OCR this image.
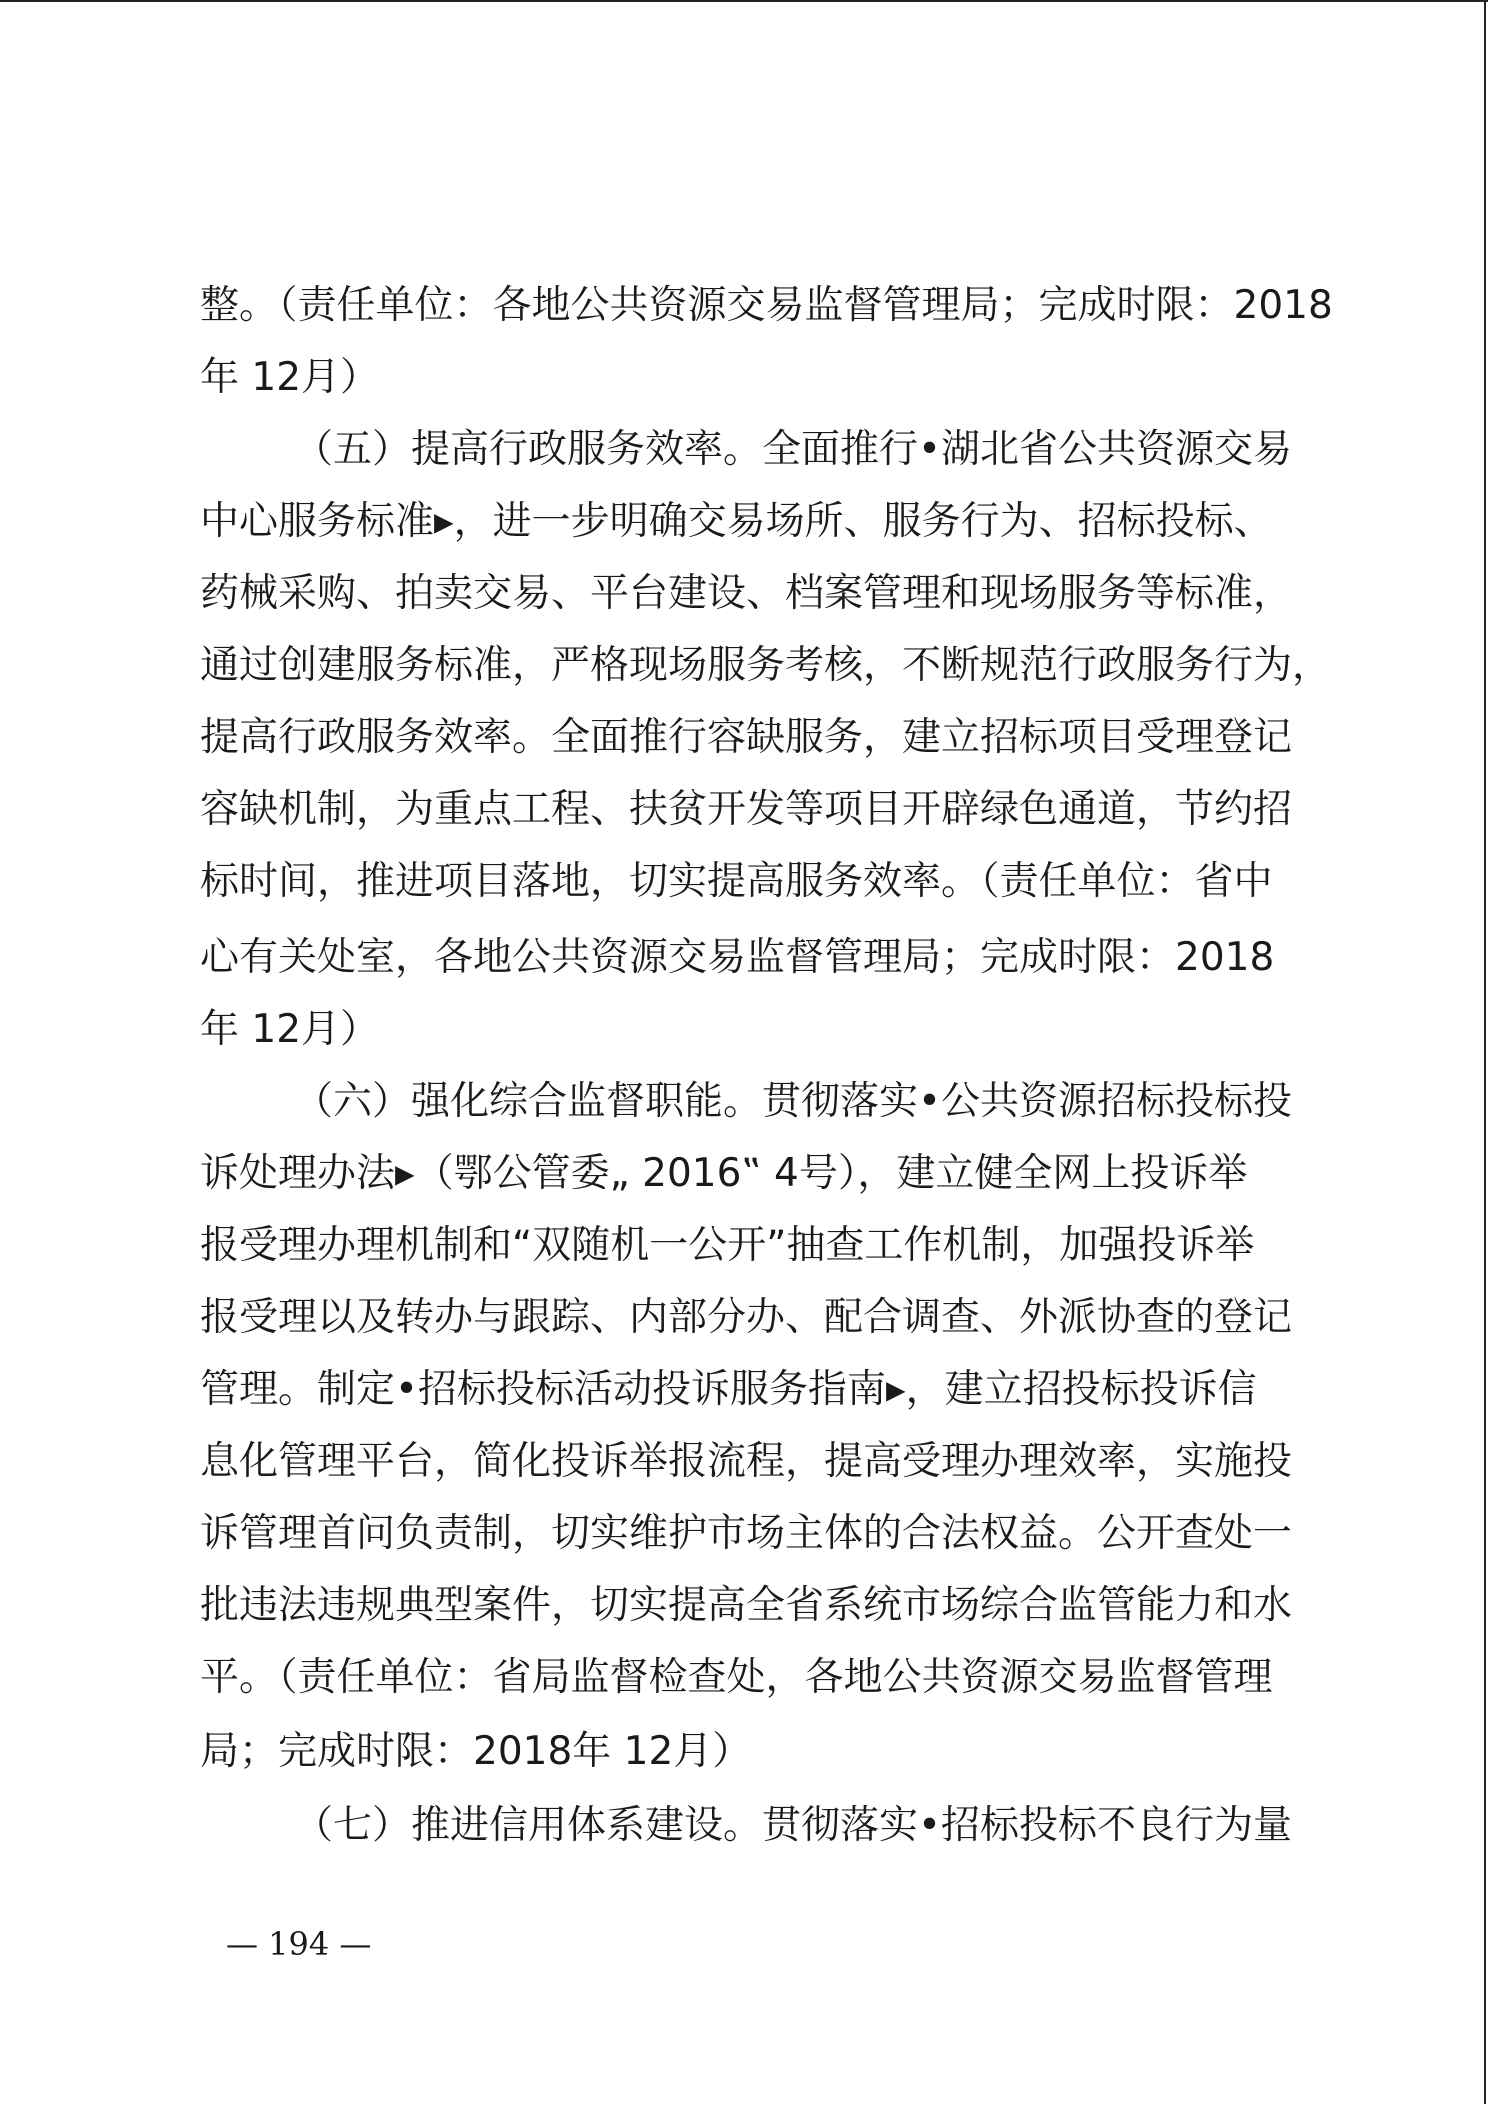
整。（责任单位：各地公共资源交易监督管理局；完成时限：2018
年 12月）
（五）提高行政服务效率。全面推行•湖北省公共资源交易
中心服务标准▸，进一步明确交易场所、服务行为、招标投标、
药械采购、拍卖交易、平台建设、档案管理和现场服务等标准，
通过创建服务标准，严格现场服务考核，不断规范行政服务行为，
提高行政服务效率。全面推行容缺服务，建立招标项目受理登记
容缺机制，为重点工程、扶贫开发等项目开辟绿色通道，节约招
标时间，推进项目落地，切实提高服务效率。（责任单位：省中
心有关处室，各地公共资源交易监督管理局；完成时限：2018
年 12月）
（六）强化综合监督职能。贯彻落实•公共资源招标投标投
诉处理办法▸（鄂公管委„ 2016‟ 4号），建立健全网上投诉举
报受理办理机制和“双随机一公开”抽查工作机制，加强投诉举
报受理以及转办与跟踪、内部分办、配合调查、外派协查的登记
管理。制定•招标投标活动投诉服务指南▸，建立招投标投诉信
息化管理平台，简化投诉举报流程，提高受理办理效率，实施投
诉管理首问负责制，切实维护市场主体的合法权益。公开查处一
批违法违规典型案件，切实提高全省系统市场综合监管能力和水
平。（责任单位：省局监督检查处，各地公共资源交易监督管理
局；完成时限：2018年 12月）
（七）推进信用体系建设。贯彻落实•招标投标不良行为量
— 194 —
